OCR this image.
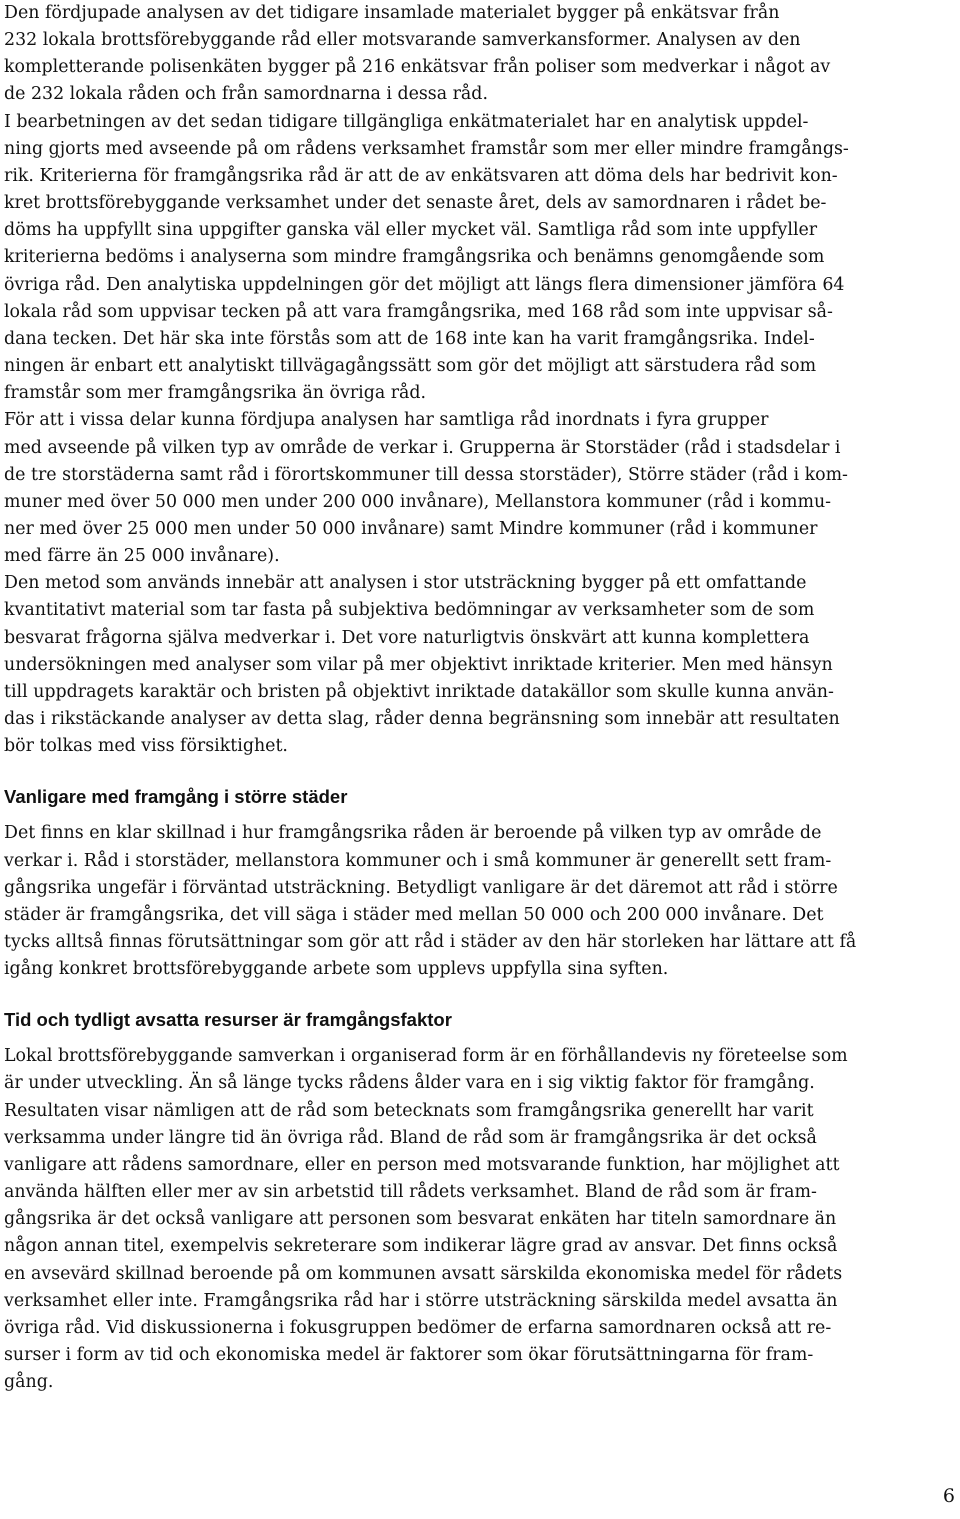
Den fördjupade analysen av det tidigare insamlade materialet bygger på enkätsvar från
232 lokala brottsförebyggande råd eller motsvarande samverkansformer. Analysen av den
kompletterande polisenkäten bygger på 216 enkätsvar från poliser som medverkar i något av
de 232 lokala råden och från samordnarna i dessa råd.

I bearbetningen av det sedan tidigare tillgängliga enkätmaterialet har en analytisk uppdel-
ning gjorts med avseende på om rådens verksamhet framstår som mer eller mindre framgångs-
rik. Kriterierna för framgångsrika råd är att de av enkätsvaren att döma dels har bedrivit kon-
kret brottsförebyggande verksamhet under det senaste året, dels av samordnaren i rådet be-
döms ha uppfyllt sina uppgifter ganska väl eller mycket väl. Samtliga råd som inte uppfyller
kriterierna bedöms i analyserna som mindre framgångsrika och benämns genomgående som
övriga råd. Den analytiska uppdelningen gör det möjligt att längs flera dimensioner jämföra 64
lokala råd som uppvisar tecken på att vara framgångsrika, med 168 råd som inte uppvisar så-
dana tecken. Det här ska inte förstås som att de 168 inte kan ha varit framgångsrika. Indel-
ningen är enbart ett analytiskt tillvägagångssätt som gör det möjligt att särstudera råd som
framstår som mer framgångsrika än övriga råd.

För att i vissa delar kunna fördjupa analysen har samtliga råd inordnats i fyra grupper
med avseende på vilken typ av område de verkar i. Grupperna är Storstäder (råd i stadsdelar i
de tre storstäderna samt råd i förortskommuner till dessa storstäder), Större städer (råd i kom-
muner med över 50 000 men under 200 000 invånare), Mellanstora kommuner (råd i kommu-
ner med över 25 000 men under 50 000 invånare) samt Mindre kommuner (råd i kommuner
med färre än 25 000 invånare).

Den metod som används innebär att analysen i stor utsträckning bygger på ett omfattande
kvantitativt material som tar fasta på subjektiva bedömningar av verksamheter som de som
besvarat frågorna själva medverkar i. Det vore naturligtvis önskvärt att kunna komplettera
undersökningen med analyser som vilar på mer objektivt inriktade kriterier. Men med hänsyn
till uppdragets karaktär och bristen på objektivt inriktade datakällor som skulle kunna använ-
das i rikstäckande analyser av detta slag, råder denna begränsning som innebär att resultaten
bör tolkas med viss försiktighet.

Vanligare med framgång i större städer

Det finns en klar skillnad i hur framgångsrika råden är beroende på vilken typ av område de
verkar i. Råd i storstäder, mellanstora kommuner och i små kommuner är generellt sett fram-
gångsrika ungefär i förväntad utsträckning. Betydligt vanligare är det däremot att råd i större
städer är framgångsrika, det vill säga i städer med mellan 50 000 och 200 000 invånare. Det
tycks alltså finnas förutsättningar som gör att råd i städer av den här storleken har lättare att få
igång konkret brottsförebyggande arbete som upplevs uppfylla sina syften.

Tid och tydligt avsatta resurser är framgångsfaktor

Lokal brottsförebyggande samverkan i organiserad form är en förhållandevis ny företeelse som
är under utveckling. Än så länge tycks rådens ålder vara en i sig viktig faktor för framgång.
Resultaten visar nämligen att de råd som betecknats som framgångsrika generellt har varit
verksamma under längre tid än övriga råd. Bland de råd som är framgångsrika är det också
vanligare att rådens samordnare, eller en person med motsvarande funktion, har möjlighet att
använda hälften eller mer av sin arbetstid till rådets verksamhet. Bland de råd som är fram-
gångsrika är det också vanligare att personen som besvarat enkäten har titeln samordnare än
någon annan titel, exempelvis sekreterare som indikerar lägre grad av ansvar. Det finns också
en avsevärd skillnad beroende på om kommunen avsatt särskilda ekonomiska medel för rådets
verksamhet eller inte. Framgångsrika råd har i större utsträckning särskilda medel avsatta än
övriga råd. Vid diskussionerna i fokusgruppen bedömer de erfarna samordnaren också att re-
surser i form av tid och ekonomiska medel är faktorer som ökar förutsättningarna för fram-
gång.

6
